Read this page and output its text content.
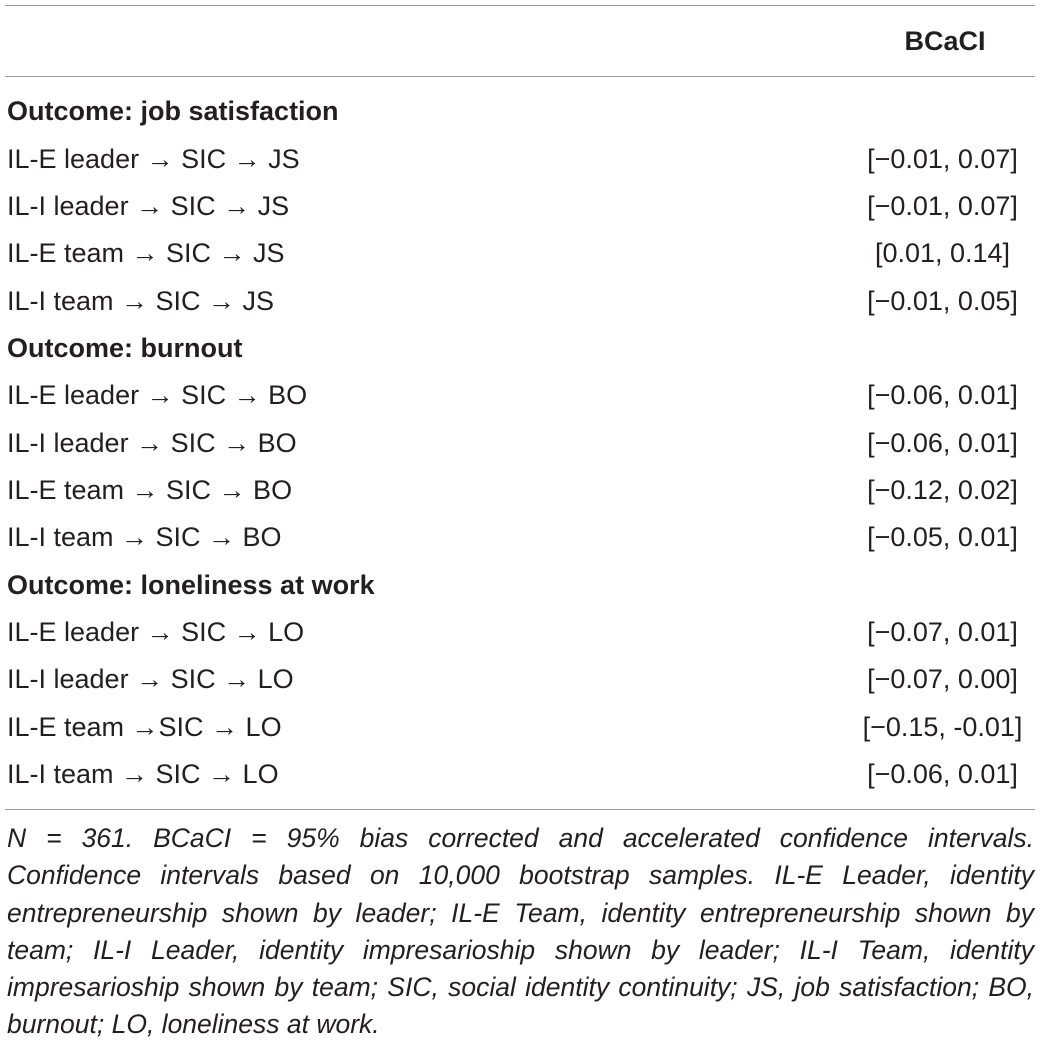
BCaCI
Outcome: job satisfaction
IL-E leader → SIC → JS	[−0.01, 0.07]
IL-I leader → SIC → JS	[−0.01, 0.07]
IL-E team → SIC → JS	[0.01, 0.14]
IL-I team → SIC → JS	[−0.01, 0.05]
Outcome: burnout
IL-E leader → SIC → BO	[−0.06, 0.01]
IL-I leader → SIC → BO	[−0.06, 0.01]
IL-E team → SIC → BO	[−0.12, 0.02]
IL-I team → SIC → BO	[−0.05, 0.01]
Outcome: loneliness at work
IL-E leader → SIC → LO	[−0.07, 0.01]
IL-I leader → SIC → LO	[−0.07, 0.00]
IL-E team →SIC → LO	[−0.15, -0.01]
IL-I team → SIC → LO	[−0.06, 0.01]
N = 361. BCaCI = 95% bias corrected and accelerated confidence intervals. Confidence intervals based on 10,000 bootstrap samples. IL-E Leader, identity entrepreneurship shown by leader; IL-E Team, identity entrepreneurship shown by team; IL-I Leader, identity impresarioship shown by leader; IL-I Team, identity impresarioship shown by team; SIC, social identity continuity; JS, job satisfaction; BO, burnout; LO, loneliness at work.
